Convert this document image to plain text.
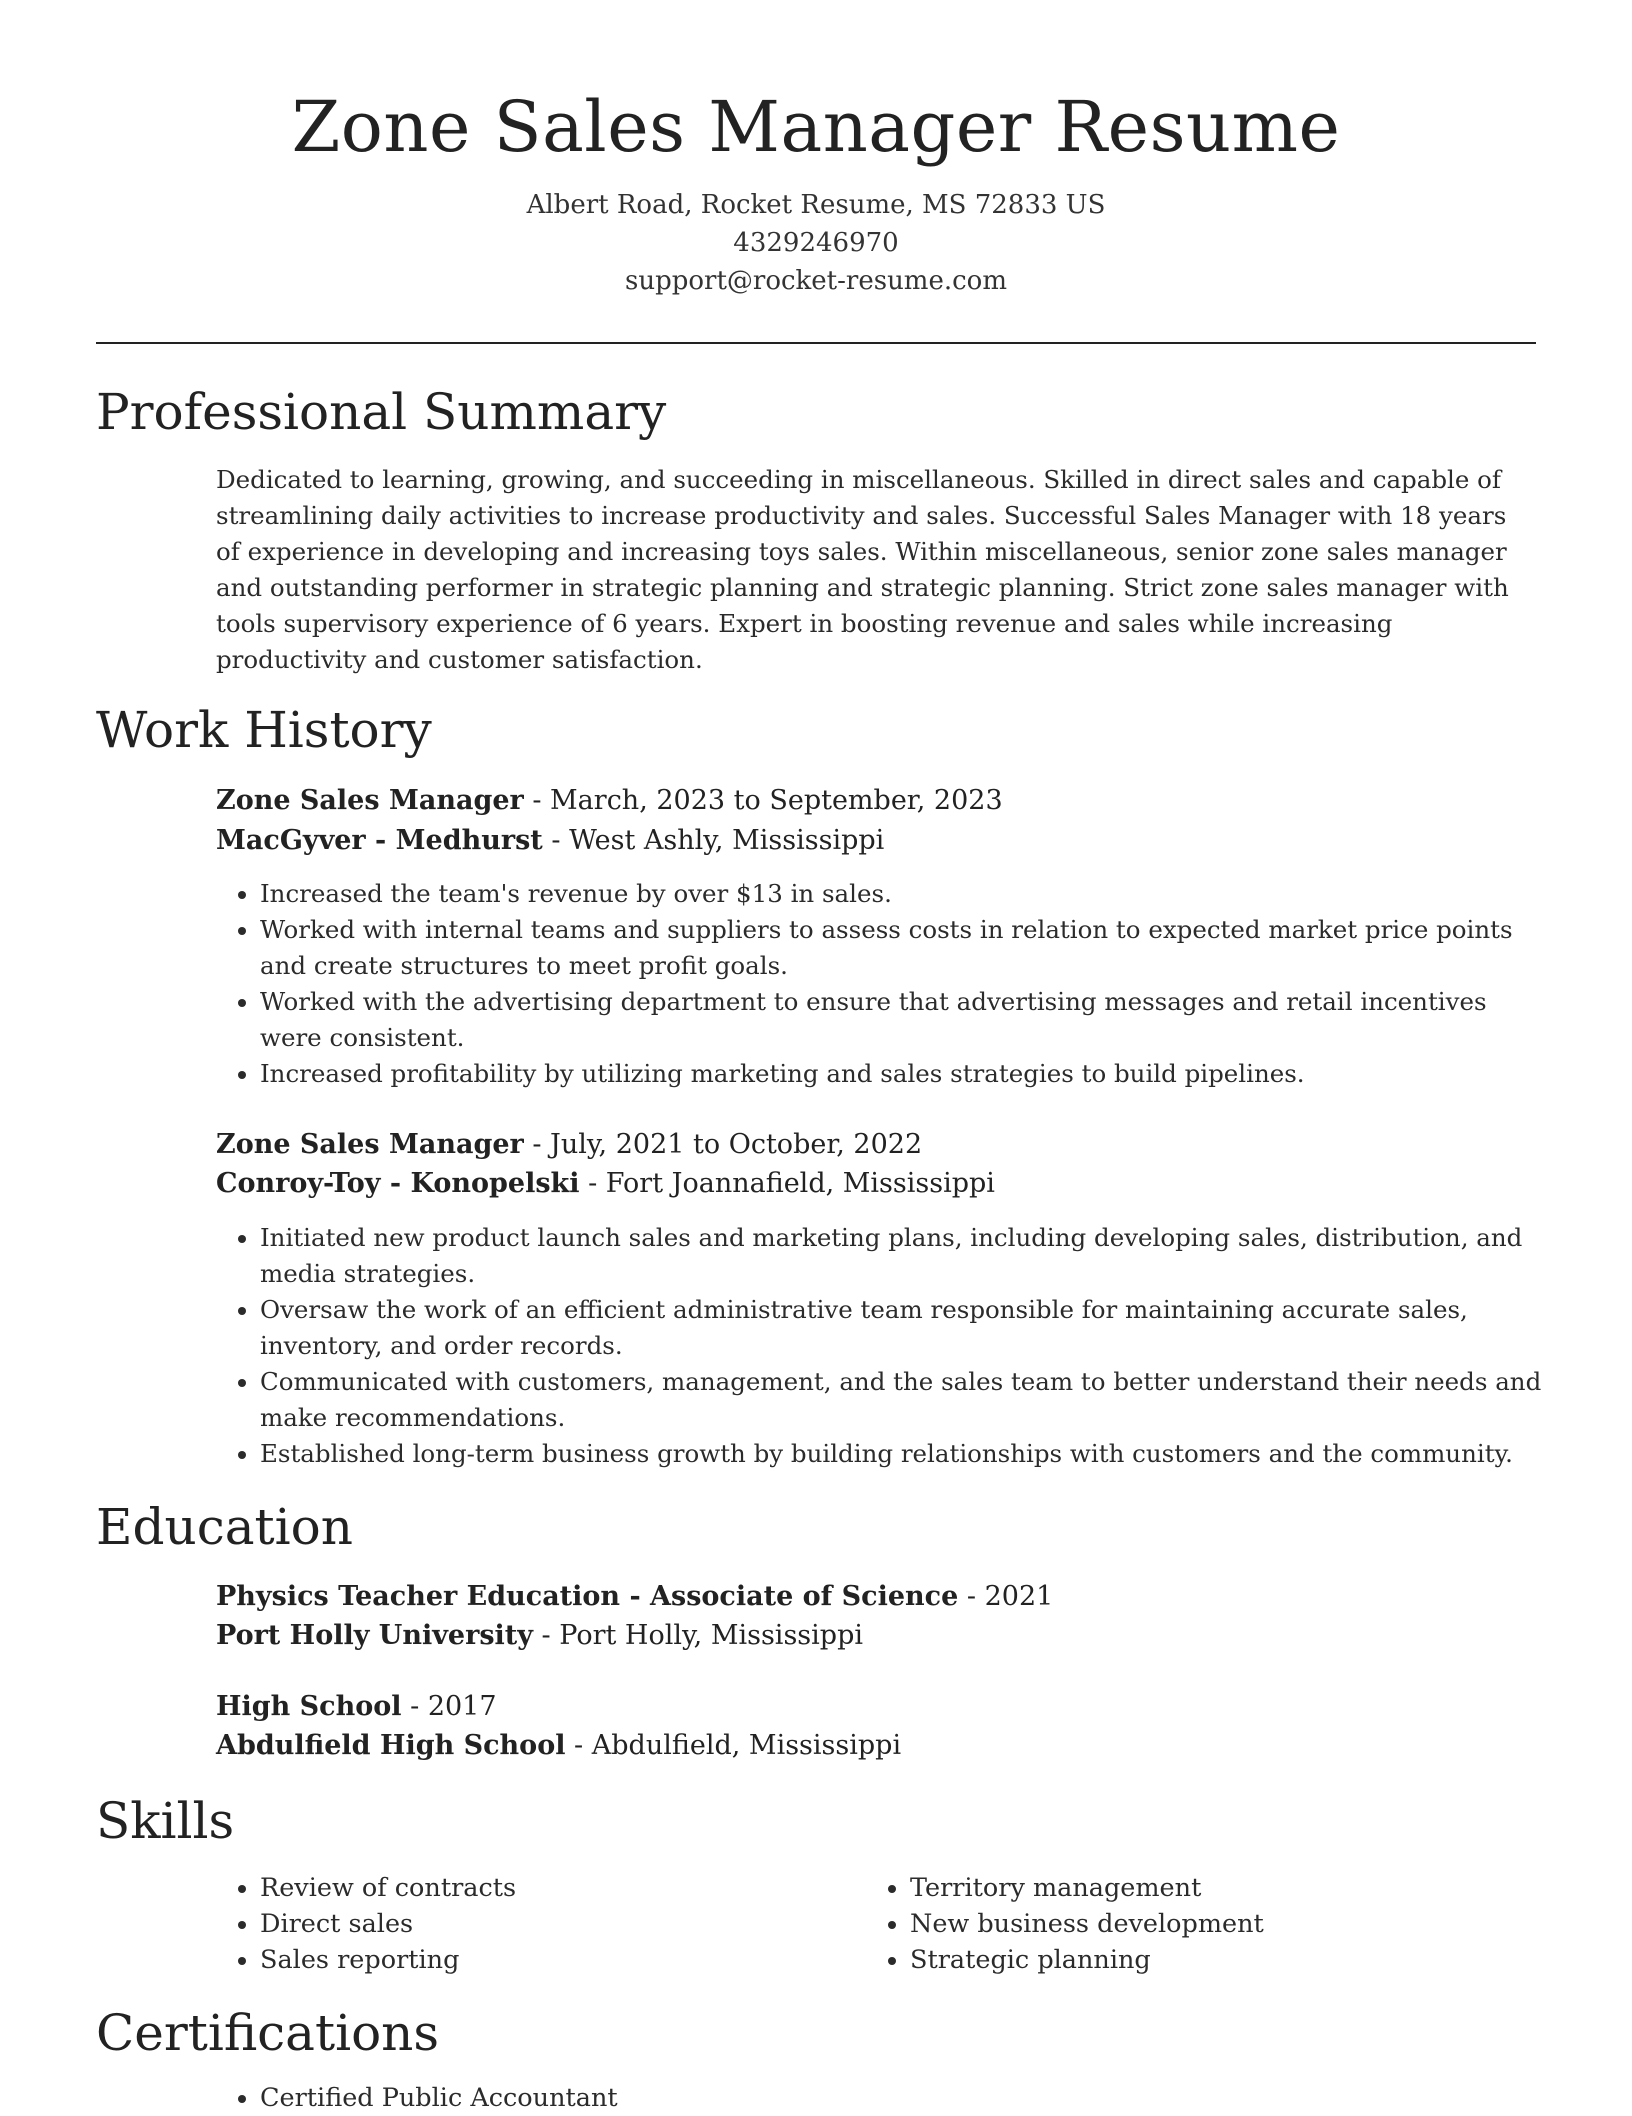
Zone Sales Manager Resume
Albert Road, Rocket Resume, MS 72833 US
4329246970
support@rocket-resume.com
Professional Summary
Dedicated to learning, growing, and succeeding in miscellaneous. Skilled in direct sales and capable of streamlining daily activities to increase productivity and sales. Successful Sales Manager with 18 years of experience in developing and increasing toys sales. Within miscellaneous, senior zone sales manager and outstanding performer in strategic planning and strategic planning. Strict zone sales manager with tools supervisory experience of 6 years. Expert in boosting revenue and sales while increasing productivity and customer satisfaction.
Work History
Zone Sales Manager - March, 2023 to September, 2023
MacGyver - Medhurst - West Ashly, Mississippi
• Increased the team's revenue by over $13 in sales.
• Worked with internal teams and suppliers to assess costs in relation to expected market price points and create structures to meet profit goals.
• Worked with the advertising department to ensure that advertising messages and retail incentives were consistent.
• Increased profitability by utilizing marketing and sales strategies to build pipelines.
Zone Sales Manager - July, 2021 to October, 2022
Conroy-Toy - Konopelski - Fort Joannafield, Mississippi
• Initiated new product launch sales and marketing plans, including developing sales, distribution, and media strategies.
• Oversaw the work of an efficient administrative team responsible for maintaining accurate sales, inventory, and order records.
• Communicated with customers, management, and the sales team to better understand their needs and make recommendations.
• Established long-term business growth by building relationships with customers and the community.
Education
Physics Teacher Education - Associate of Science - 2021
Port Holly University - Port Holly, Mississippi
High School - 2017
Abdulfield High School - Abdulfield, Mississippi
Skills
• Review of contracts
• Direct sales
• Sales reporting
• Territory management
• New business development
• Strategic planning
Certifications
• Certified Public Accountant
